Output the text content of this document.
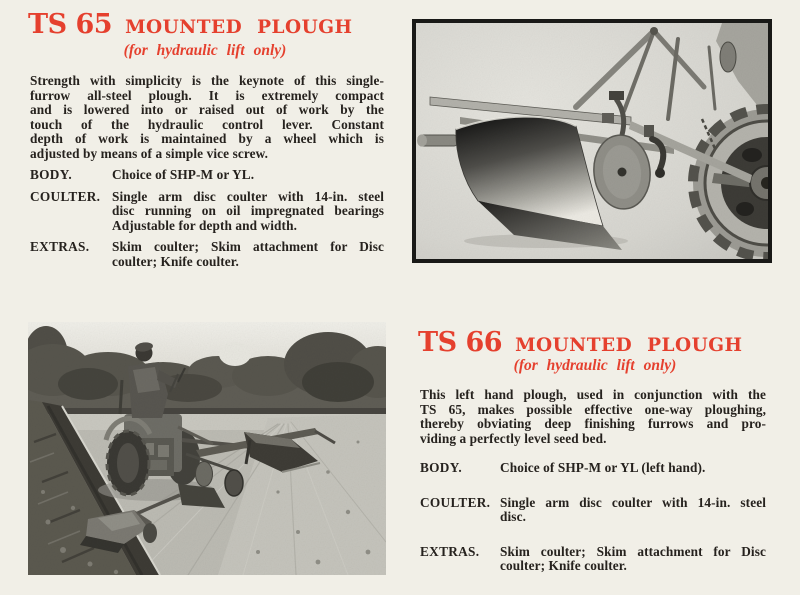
TS 65 MOUNTED PLOUGH
(for hydraulic lift only)
Strength with simplicity is the keynote of this single-
furrow all-steel plough. It is extremely compact
and is lowered into or raised out of work by the
touch of the hydraulic control lever. Constant
depth of work is maintained by a wheel which is
adjusted by means of a simple vice screw.
BODY.	Choice of SHP-M or YL.
COULTER. Single arm disc coulter with 14-in. steel
disc running on oil impregnated bearings
Adjustable for depth and width.
EXTRAS.	Skim coulter; Skim attachment for Disc
coulter; Knife coulter.
TS 66 MOUNTED PLOUGH
(for hydraulic lift only)
This left hand plough, used in conjunction with the
TS 65, makes possible effective one-way ploughing,
thereby obviating deep finishing furrows and pro-
viding a perfectly level seed bed.
BODY.	Choice of SHP-M or YL (left hand).
COULTER. Single arm disc coulter with 14-in. steel
disc.
EXTRAS.	Skim coulter; Skim attachment for Disc
coulter; Knife coulter.
